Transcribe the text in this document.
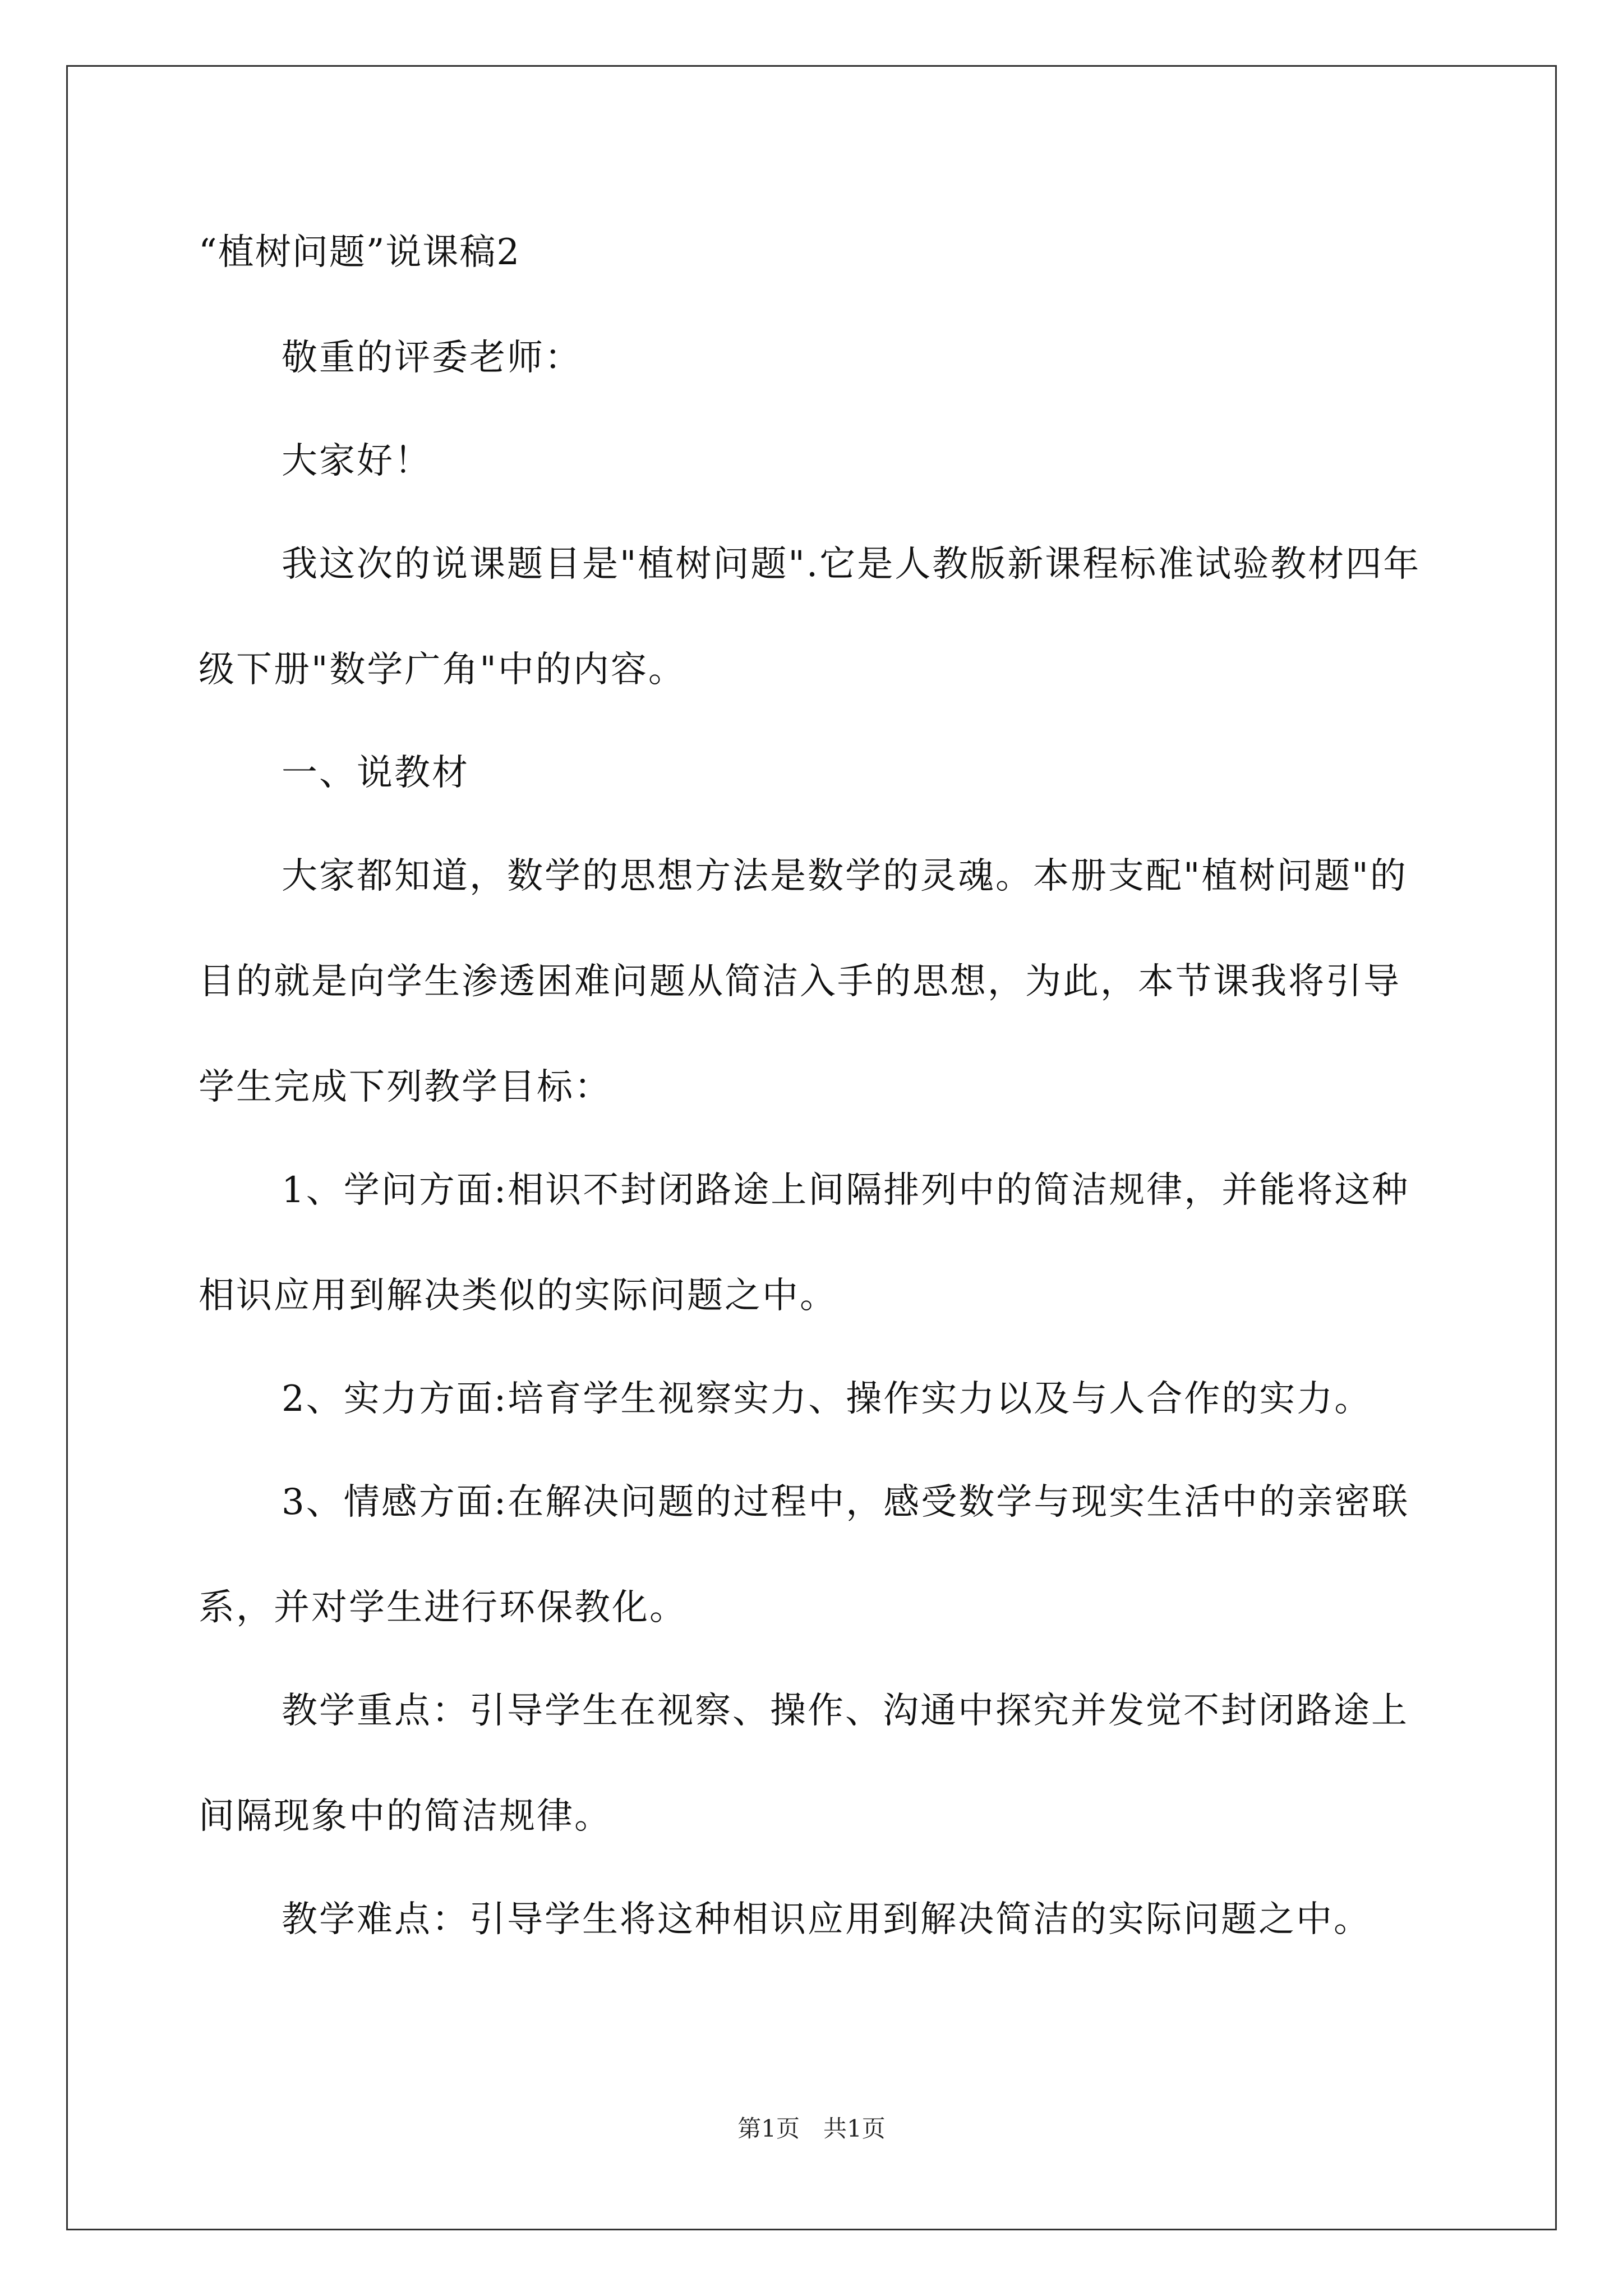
“植树问题”说课稿2

敬重的评委老师：

大家好！

我这次的说课题目是"植树问题".它是人教版新课程标准试验教材四年级下册"数学广角"中的内容。

一、说教材

大家都知道，数学的思想方法是数学的灵魂。本册支配"植树问题"的目的就是向学生渗透困难问题从简洁入手的思想，为此，本节课我将引导学生完成下列教学目标：

1、学问方面:相识不封闭路途上间隔排列中的简洁规律，并能将这种相识应用到解决类似的实际问题之中。

2、实力方面:培育学生视察实力、操作实力以及与人合作的实力。

3、情感方面:在解决问题的过程中，感受数学与现实生活中的亲密联系，并对学生进行环保教化。

教学重点：引导学生在视察、操作、沟通中探究并发觉不封闭路途上间隔现象中的简洁规律。

教学难点：引导学生将这种相识应用到解决简洁的实际问题之中。

第1页　共1页
